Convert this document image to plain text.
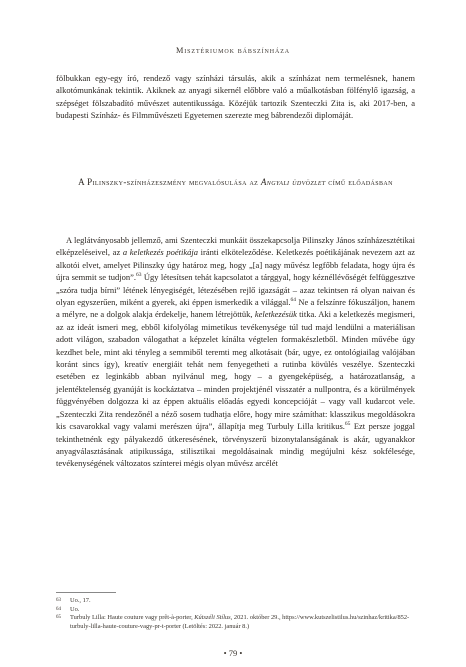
Misztériumok bábszínháza

fölbukkan egy-egy író, rendező vagy színházi társulás, akik a színházat nem termelésnek, hanem alkotómunkának tekintik. Akiknek az anyagi sikernél előbbre való a műalkotásban fölfénylő igazság, a szépséget fölszabadító művészet autentikussága. Közéjük tartozik Szenteczki Zita is, aki 2017-ben, a budapesti Színház- és Filmművészeti Egyetemen szerezte meg bábrendezői diplomáját.

A Pilinszky-színházeszmény megvalósulása az Angyali üdvözlet című előadásban

A leglátványosabb jellemző, ami Szenteczki munkáit összekapcsolja Pilinszky János színházesztétikai elképzeléseivel, az a keletkezés poétikája iránti elköteleződése. Keletkezés poétikájának nevezem azt az alkotói elvet, amelyet Pilinszky úgy határoz meg, hogy „[a] nagy művész legfőbb feladata, hogy újra és újra semmit se tudjon”.$^{63}$ Úgy létesítsen tehát kapcsolatot a tárggyal, hogy kéznéllévőségét felfüggesztve „szóra tudja bírni” létének lényegiségét, létezésében rejlő igazságát – azaz tekintsen rá olyan naivan és olyan egyszerűen, miként a gyerek, aki éppen ismerkedik a világgal.$^{64}$ Ne a felszínre fókuszáljon, hanem a mélyre, ne a dolgok alakja érdekelje, hanem létrejöttük, keletkezésük titka. Aki a keletkezés megismeri, az az ideát ismeri meg, ebből kifolyólag mimetikus tevékenysége túl tud majd lendülni a materiálisan adott világon, szabadon válogathat a képzelet kínálta végtelen formakészletből. Minden művébe úgy kezdhet bele, mint aki tényleg a semmiből teremti meg alkotásait (bár, ugye, ez ontológiailag valójában koránt sincs így), kreatív energiáit tehát nem fenyegetheti a rutinba kövülés veszélye. Szenteczki esetében ez leginkább abban nyilvánul meg, hogy – a gyengeképüség, a határozatlanság, a jelentéktelenség gyanúját is kockáztatva – minden projektjénél visszatér a nullpontra, és a körülmények függvényében dolgozza ki az éppen aktuális előadás egyedi koncepcióját – vagy vall kudarcot vele. „Szenteczki Zita rendezőnél a néző sosem tudhatja előre, hogy mire számíthat: klasszikus megoldásokra kis csavarokkal vagy valami merészen újra”, állapítja meg Turbuly Lilla kritikus.$^{65}$ Ezt persze joggal tekinthetnénk egy pályakezdő útkeresésének, törvényszerű bizonytalanságának is akár, ugyanakkor anyagválasztásának atipikussága, stilisztikai megoldásainak mindig megújulni kész sokfélesége, tevékenységének változatos színterei mégis olyan művész arcélét

63	Uo., 17.
64	Uo.
65	Turbuly Lilla: Haute couture vagy prêt-à-porter, Kútszéli Stílus, 2021. október 29., https://www.kutszelistilus.hu/szinhaz/kritika/852-turbuly-lilla-haute-couture-vagy-pr-t-porter (Letöltés: 2022. január 8.)
• 79 •
